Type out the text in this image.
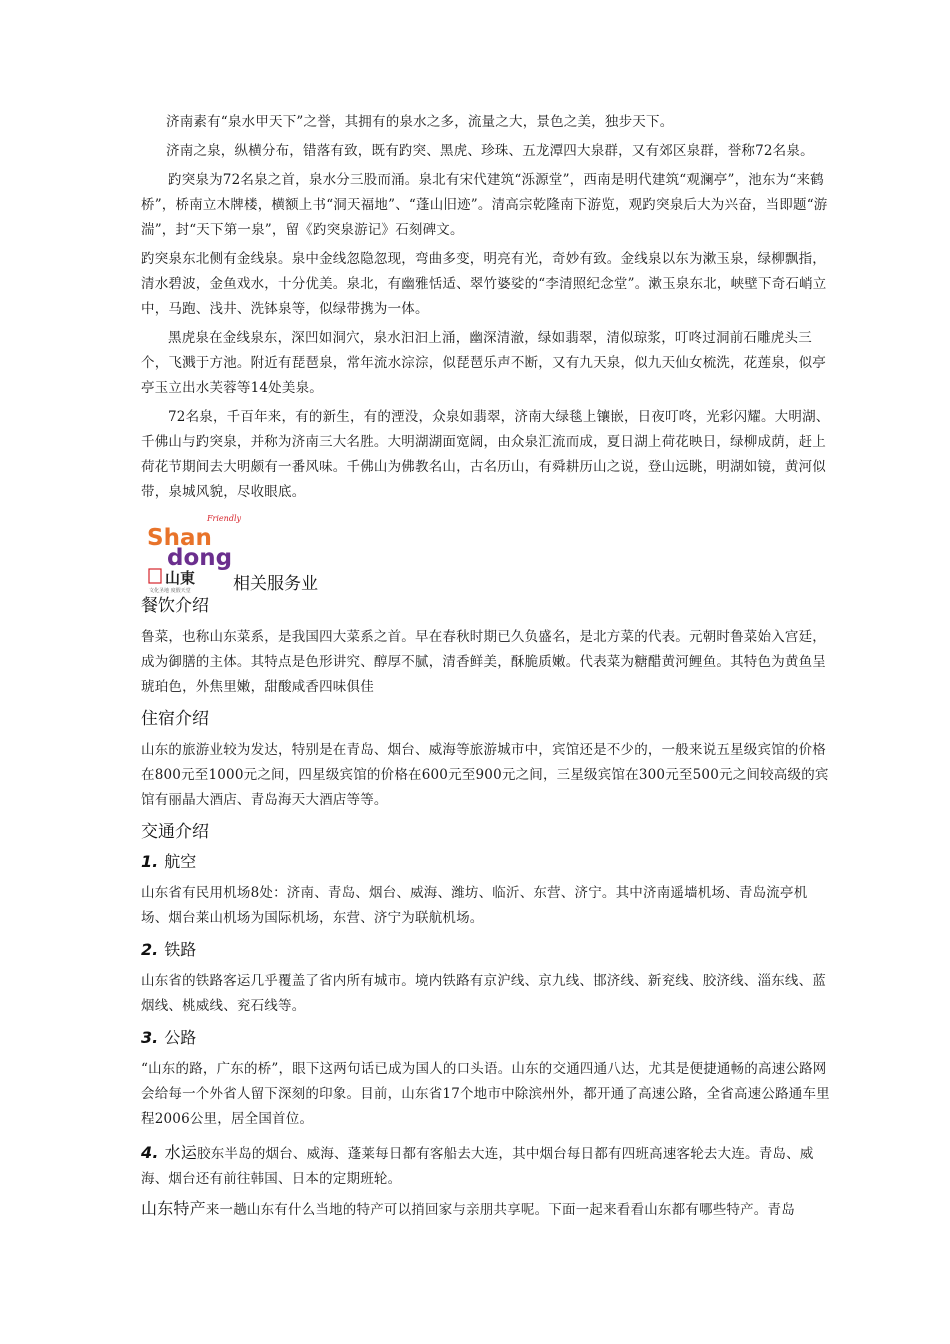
济南素有“泉水甲天下”之誉，其拥有的泉水之多，流量之大，景色之美，独步天下。

济南之泉，纵横分布，错落有致，既有趵突、黑虎、珍珠、五龙潭四大泉群，又有郊区泉群，誉称72名泉。

趵突泉为72名泉之首，泉水分三股而涌。泉北有宋代建筑“泺源堂”，西南是明代建筑“观澜亭”，池东为“来鹤桥”，桥南立木牌楼，横额上书“洞天福地”、“蓬山旧迹”。清高宗乾隆南下游览，观趵突泉后大为兴奋，当即题“游湍”，封“天下第一泉”，留《趵突泉游记》石刻碑文。

趵突泉东北侧有金线泉。泉中金线忽隐忽现，弯曲多变，明亮有光，奇妙有致。金线泉以东为漱玉泉，绿柳飘指，清水碧波，金鱼戏水，十分优美。泉北，有幽雅恬适、翠竹婆娑的“李清照纪念堂”。漱玉泉东北，峡壁下奇石峭立中，马跑、浅井、洗钵泉等，似绿带携为一体。

黑虎泉在金线泉东，深凹如洞穴，泉水汩汩上涌，幽深清澈，绿如翡翠，清似琼浆，叮咚过洞前石雕虎头三个，飞溅于方池。附近有琵琶泉，常年流水淙淙，似琵琶乐声不断，又有九天泉，似九天仙女梳洗，花莲泉，似亭亭玉立出水芙蓉等14处美泉。

72名泉，千百年来，有的新生，有的湮没，众泉如翡翠，济南大绿毯上镶嵌，日夜叮咚，光彩闪耀。大明湖、千佛山与趵突泉，并称为济南三大名胜。大明湖湖面宽阔，由众泉汇流而成，夏日湖上荷花映日，绿柳成荫，赶上荷花节期间去大明颇有一番风味。千佛山为佛教名山，古名历山，有舜耕历山之说，登山远眺，明湖如镜，黄河似带，泉城风貌，尽收眼底。

Friendly
Shan
dong
山東
文化圣地 度假天堂 相关服务业
餐饮介绍

鲁菜，也称山东菜系，是我国四大菜系之首。早在春秋时期已久负盛名，是北方菜的代表。元朝时鲁菜始入宫廷，成为御膳的主体。其特点是色形讲究、醇厚不腻，清香鲜美，酥脆质嫩。代表菜为糖醋黄河鲤鱼。其特色为黄鱼呈琥珀色，外焦里嫩，甜酸咸香四味俱佳

住宿介绍

山东的旅游业较为发达，特别是在青岛、烟台、威海等旅游城市中，宾馆还是不少的，一般来说五星级宾馆的价格在800元至1000元之间，四星级宾馆的价格在600元至900元之间，三星级宾馆在300元至500元之间较高级的宾馆有丽晶大酒店、青岛海天大酒店等等。

交通介绍
1. 航空

山东省有民用机场8处：济南、青岛、烟台、威海、潍坊、临沂、东营、济宁。其中济南遥墙机场、青岛流亭机场、烟台莱山机场为国际机场，东营、济宁为联航机场。

2. 铁路

山东省的铁路客运几乎覆盖了省内所有城市。境内铁路有京沪线、京九线、邯济线、新兖线、胶济线、淄东线、蓝烟线、桃威线、兖石线等。

3. 公路

“山东的路，广东的桥”，眼下这两句话已成为国人的口头语。山东的交通四通八达，尤其是便捷通畅的高速公路网会给每一个外省人留下深刻的印象。目前，山东省17个地市中除滨州外，都开通了高速公路，全省高速公路通车里程2006公里，居全国首位。

4. 水运胶东半岛的烟台、威海、蓬莱每日都有客船去大连，其中烟台每日都有四班高速客轮去大连。青岛、威海、烟台还有前往韩国、日本的定期班轮。

山东特产来一趟山东有什么当地的特产可以捎回家与亲朋共享呢。下面一起来看看山东都有哪些特产。青岛
